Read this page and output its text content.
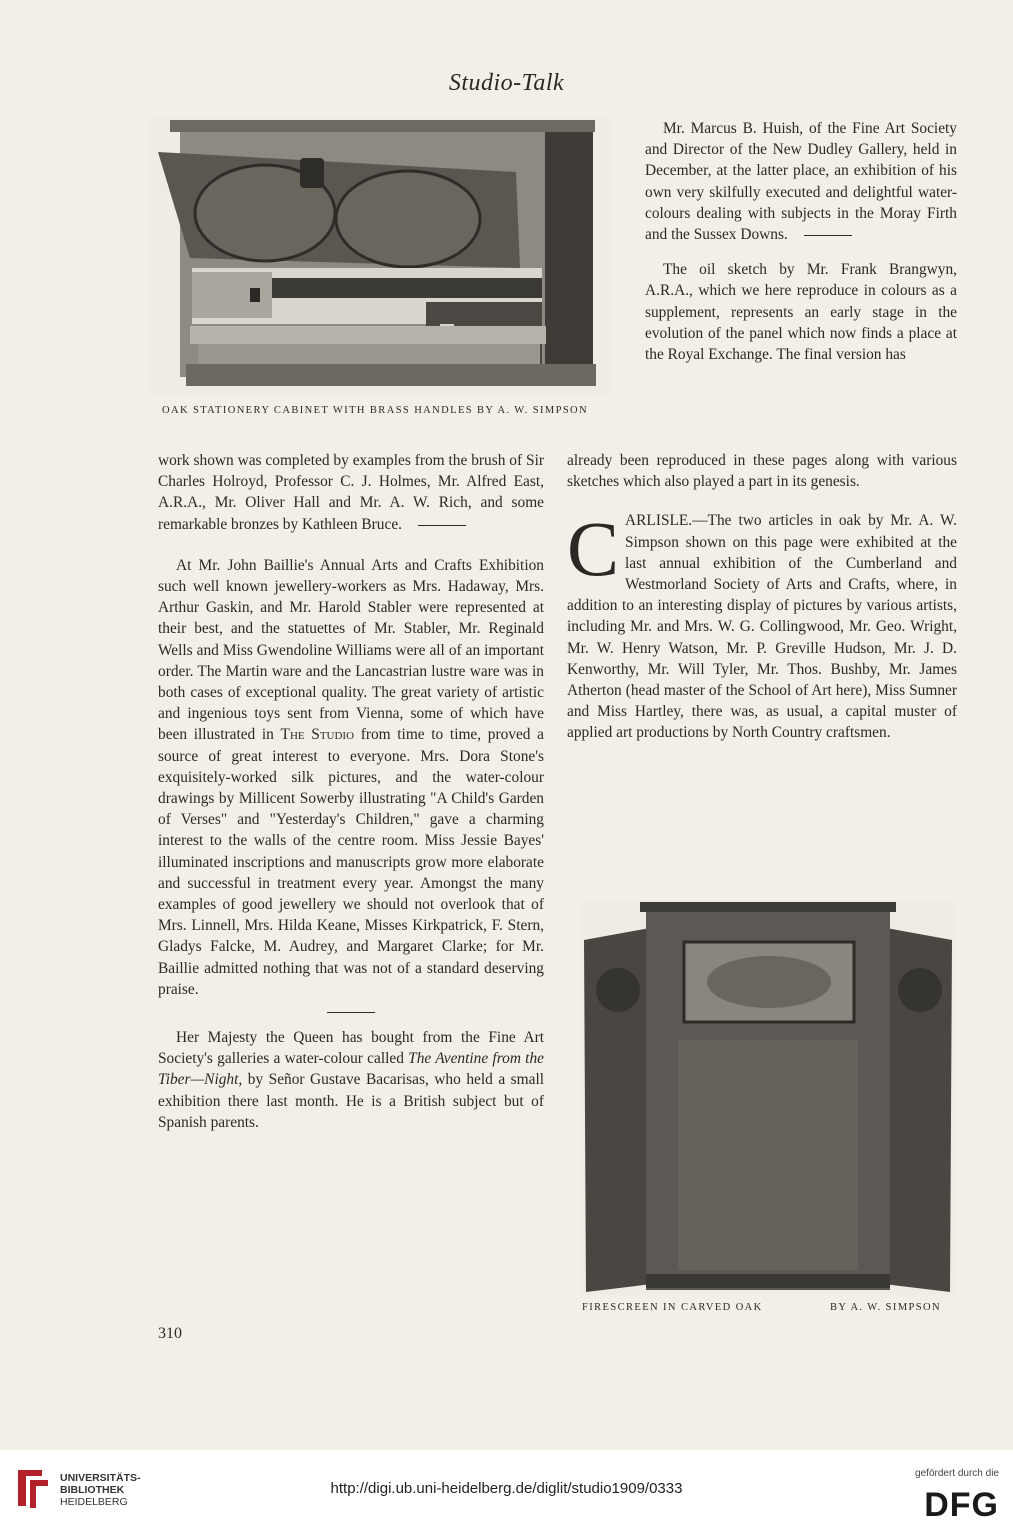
Studio-Talk
OAK STATIONERY CABINET WITH BRASS HANDLES BY A. W. SIMPSON

Mr. Marcus B. Huish, of the Fine Art Society and Director of the New Dudley Gallery, held in December, at the latter place, an exhibition of his own very skilfully executed and delightful water-colours dealing with subjects in the Moray Firth and the Sussex Downs.

The oil sketch by Mr. Frank Brangwyn, A.R.A., which we here reproduce in colours as a supplement, represents an early stage in the evolution of the panel which now finds a place at the Royal Exchange. The final version has

already been reproduced in these pages along with various sketches which also played a part in its genesis.

CARLISLE.—The two articles in oak by Mr. A. W. Simpson shown on this page were exhibited at the last annual exhibition of the Cumberland and Westmorland Society of Arts and Crafts, where, in addition to an interesting display of pictures by various artists, including Mr. and Mrs. W. G. Collingwood, Mr. Geo. Wright, Mr. W. Henry Watson, Mr. P. Greville Hudson, Mr. J. D. Kenworthy, Mr. Will Tyler, Mr. Thos. Bushby, Mr. James Atherton (head master of the School of Art here), Miss Sumner and Miss Hartley, there was, as usual, a capital muster of applied art productions by North Country craftsmen.

work shown was completed by examples from the brush of Sir Charles Holroyd, Professor C. J. Holmes, Mr. Alfred East, A.R.A., Mr. Oliver Hall and Mr. A. W. Rich, and some remarkable bronzes by Kathleen Bruce.

At Mr. John Baillie's Annual Arts and Crafts Exhibition such well known jewellery-workers as Mrs. Hadaway, Mrs. Arthur Gaskin, and Mr. Harold Stabler were represented at their best, and the statuettes of Mr. Stabler, Mr. Reginald Wells and Miss Gwendoline Williams were all of an important order. The Martin ware and the Lancastrian lustre ware was in both cases of exceptional quality. The great variety of artistic and ingenious toys sent from Vienna, some of which have been illustrated in The Studio from time to time, proved a source of great interest to everyone. Mrs. Dora Stone's exquisitely-worked silk pictures, and the water-colour drawings by Millicent Sowerby illustrating "A Child's Garden of Verses" and "Yesterday's Children," gave a charming interest to the walls of the centre room. Miss Jessie Bayes' illuminated inscriptions and manuscripts grow more elaborate and successful in treatment every year. Amongst the many examples of good jewellery we should not overlook that of Mrs. Linnell, Mrs. Hilda Keane, Misses Kirkpatrick, F. Stern, Gladys Falcke, M. Audrey, and Margaret Clarke; for Mr. Baillie admitted nothing that was not of a standard deserving praise.

Her Majesty the Queen has bought from the Fine Art Society's galleries a water-colour called The Aventine from the Tiber—Night, by Señor Gustave Bacarisas, who held a small exhibition there last month. He is a British subject but of Spanish parents.

FIRESCREEN IN CARVED OAK	BY A. W. SIMPSON
310
UNIVERSITÄTS-
BIBLIOTHEK
HEIDELBERG
http://digi.ub.uni-heidelberg.de/diglit/studio1909/0333
gefördert durch die
DFG
